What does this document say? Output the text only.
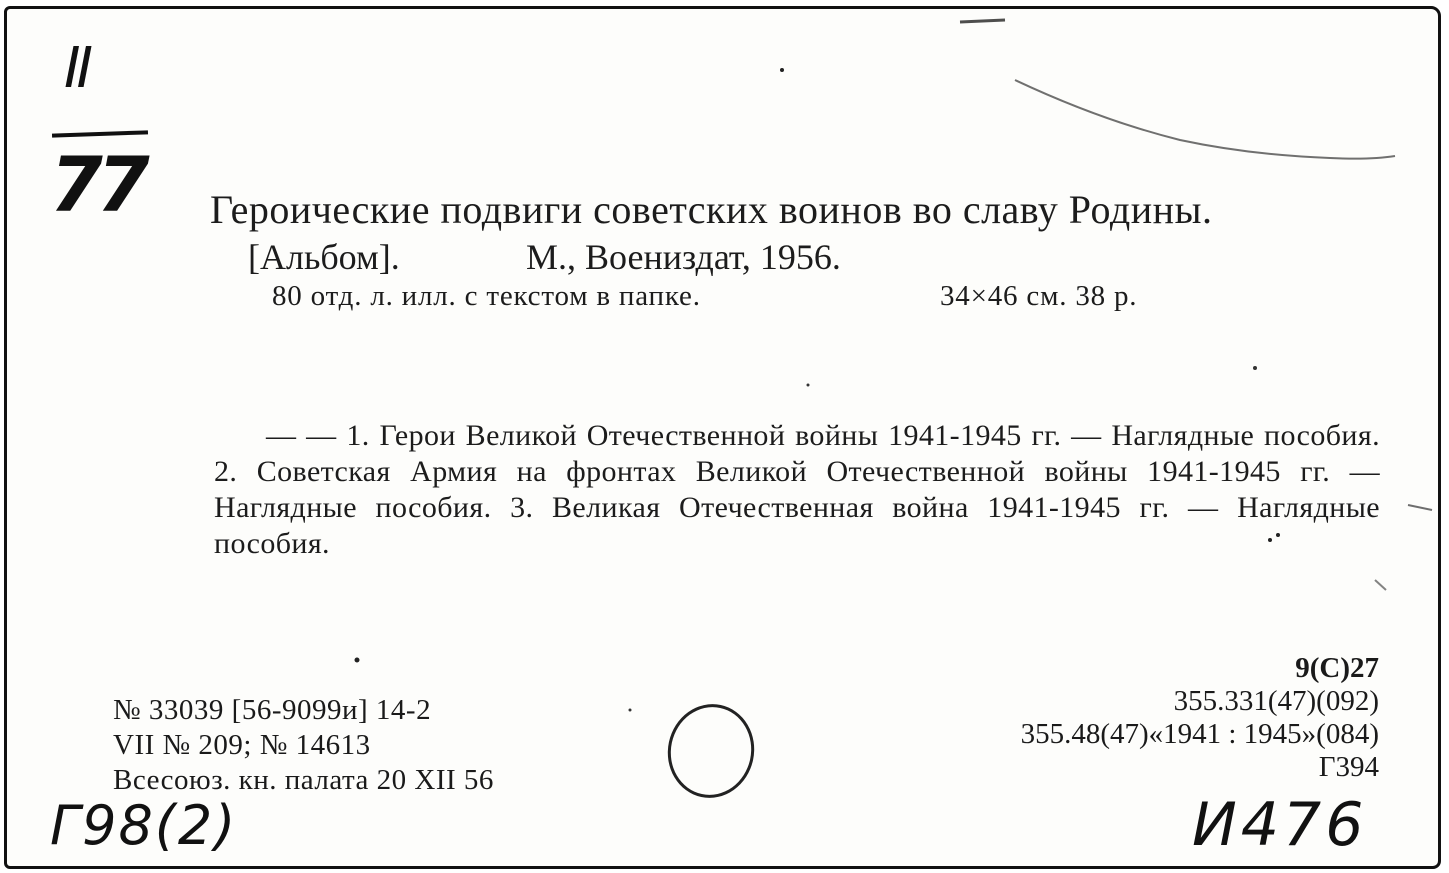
II
77 Героические подвиги советских воинов во славу Родины.
[Альбом].	М., Воениздат, 1956.
80 отд. л. илл. с текстом в папке.	34×46 см. 38 р.
— — 1. Герои Великой Отечественной войны 1941-1945 гг. — Наглядные пособия. 2. Советская Армия на фронтах Великой Отечественной войны 1941-1945 гг. — Наглядные пособия. 3. Великая Отечественная война 1941-1945 гг. — Наглядные пособия.
№ 33039 [56-9099и] 14-2
VII № 209; № 14613
Всесоюз. кн. палата 20 XII 56
9(С)27
355.331(47)(092)
355.48(47)«1941 : 1945»(084)
Г394
Г98(2)	И476
